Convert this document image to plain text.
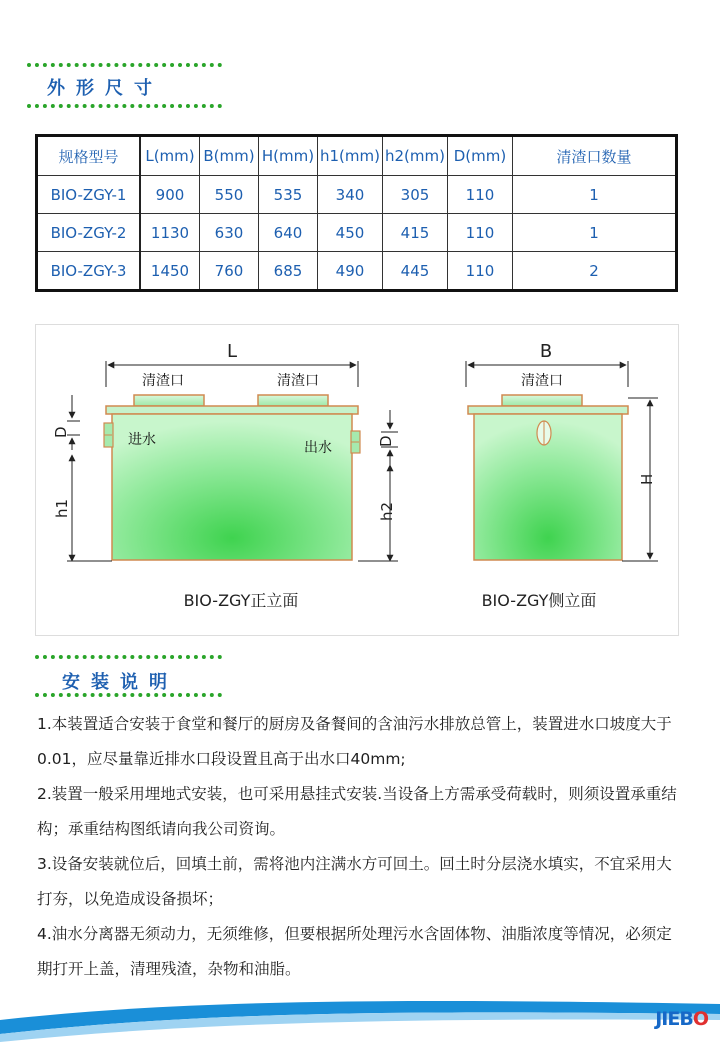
外形尺寸
规格型号	L(mm)	B(mm)	H(mm)	h1(mm)	h2(mm)	D(mm)	清渣口数量
BIO-ZGY-1	900	550	535	340	305	110	1
BIO-ZGY-2	1130	630	640	450	415	110	1
BIO-ZGY-3	1450	760	685	490	445	110	2
L
清渣口	清渣口
进水	出水
D
h1
D
h2
BIO-ZGY正立面
B
清渣口
H
BIO-ZGY侧立面
安装说明

1.本装置适合安装于食堂和餐厅的厨房及备餐间的含油污水排放总管上，装置进水口坡度大于0.01，应尽量靠近排水口段设置且高于出水口40mm;

2.装置一般采用埋地式安装，也可采用悬挂式安装.当设备上方需承受荷载时，则须设置承重结构；承重结构图纸请向我公司资询。

3.设备安装就位后，回填土前，需将池内注满水方可回土。回土时分层浇水填实，不宜采用大打夯，以免造成设备损坏；

4.油水分离器无须动力，无须维修，但要根据所处理污水含固体物、油脂浓度等情况，必须定期打开上盖，清理残渣，杂物和油脂。

JIEBO
